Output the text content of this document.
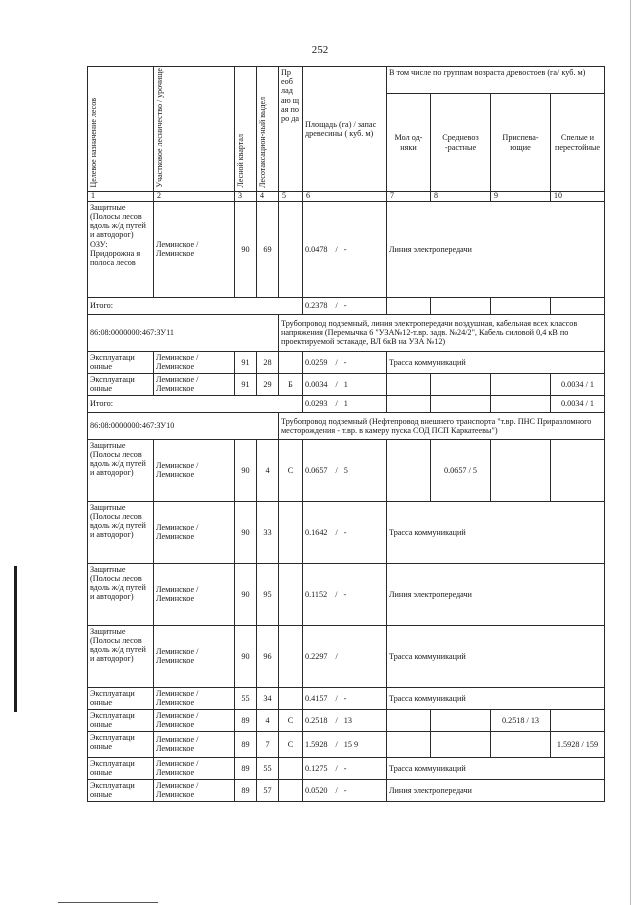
252
Целевое назначение лесов	Участковое лесничество / урочище	Лесной квартал	Лесотаксацион-ный выдел	Пр еоб лад аю щ ая по ро да	Площадь (га) / запас древесины ( куб. м)	В том числе по группам возраста древостоев (га/ куб. м)			
						Мол од-няки	Средневоз -растные	Приспева-ющие	Спелые и перестойные
1	2	3	4	5	6	7	8	9	10
Защитные (Полосы лесов вдоль ж/д путей и автодорог) ОЗУ: Придорожна я полоса лесов	Леминское / Леминское	90	69		0.0478 / -	Линия электропередачи			
Итого:					0.2378 / -				
86:08:0000000:467:ЗУ11				Трубопровод подземный, линия электропередачи воздушная, кабельная всех классов напряжения (Перемычка 6 "УЗА№12-т.вр. задв. №24/2", Кабель силовой 0,4 кВ по проектируемой эстакаде, ВЛ 6кВ на УЗА №12)					
Эксплуатаци онные	Леминское / Леминское	91	28		0.0259 / -	Трасса коммуникаций			
Эксплуатаци онные	Леминское / Леминское	91	29	Б	0.0034 / 1				0.0034 / 1
Итого:					0.0293 / 1				0.0034 / 1
86:08:0000000:467:ЗУ10				Трубопровод подземный (Нефтепровод внешнего транспорта "т.вр. ПНС Приразломного месторождения - т.вр. в камеру пуска СОД ПСП Каркатеевы")					
Защитные (Полосы лесов вдоль ж/д путей и автодорог)	Леминское / Леминское	90	4	С	0.0657 / 5		0.0657 / 5		
Защитные (Полосы лесов вдоль ж/д путей и автодорог)	Леминское / Леминское	90	33		0.1642 / -	Трасса коммуникаций			
Защитные (Полосы лесов вдоль ж/д путей и автодорог)	Леминское / Леминское	90	95		0.1152 / -	Линия электропередачи			
Защитные (Полосы лесов вдоль ж/д путей и автодорог)	Леминское / Леминское	90	96		0.2297 /	Трасса коммуникаций			
Эксплуатаци онные	Леминское / Леминское	55	34		0.4157 / -	Трасса коммуникаций			
Эксплуатаци онные	Леминское / Леминское	89	4	С	0.2518 / 13			0.2518 / 13	
Эксплуатаци онные	Леминское / Леминское	89	7	С	1.5928 / 15 9				1.5928 / 159
Эксплуатаци онные	Леминское / Леминское	89	55		0.1275 / -	Трасса коммуникаций			
Эксплуатаци онные	Леминское / Леминское	89	57		0.0520 / -	Линия электропередачи			
